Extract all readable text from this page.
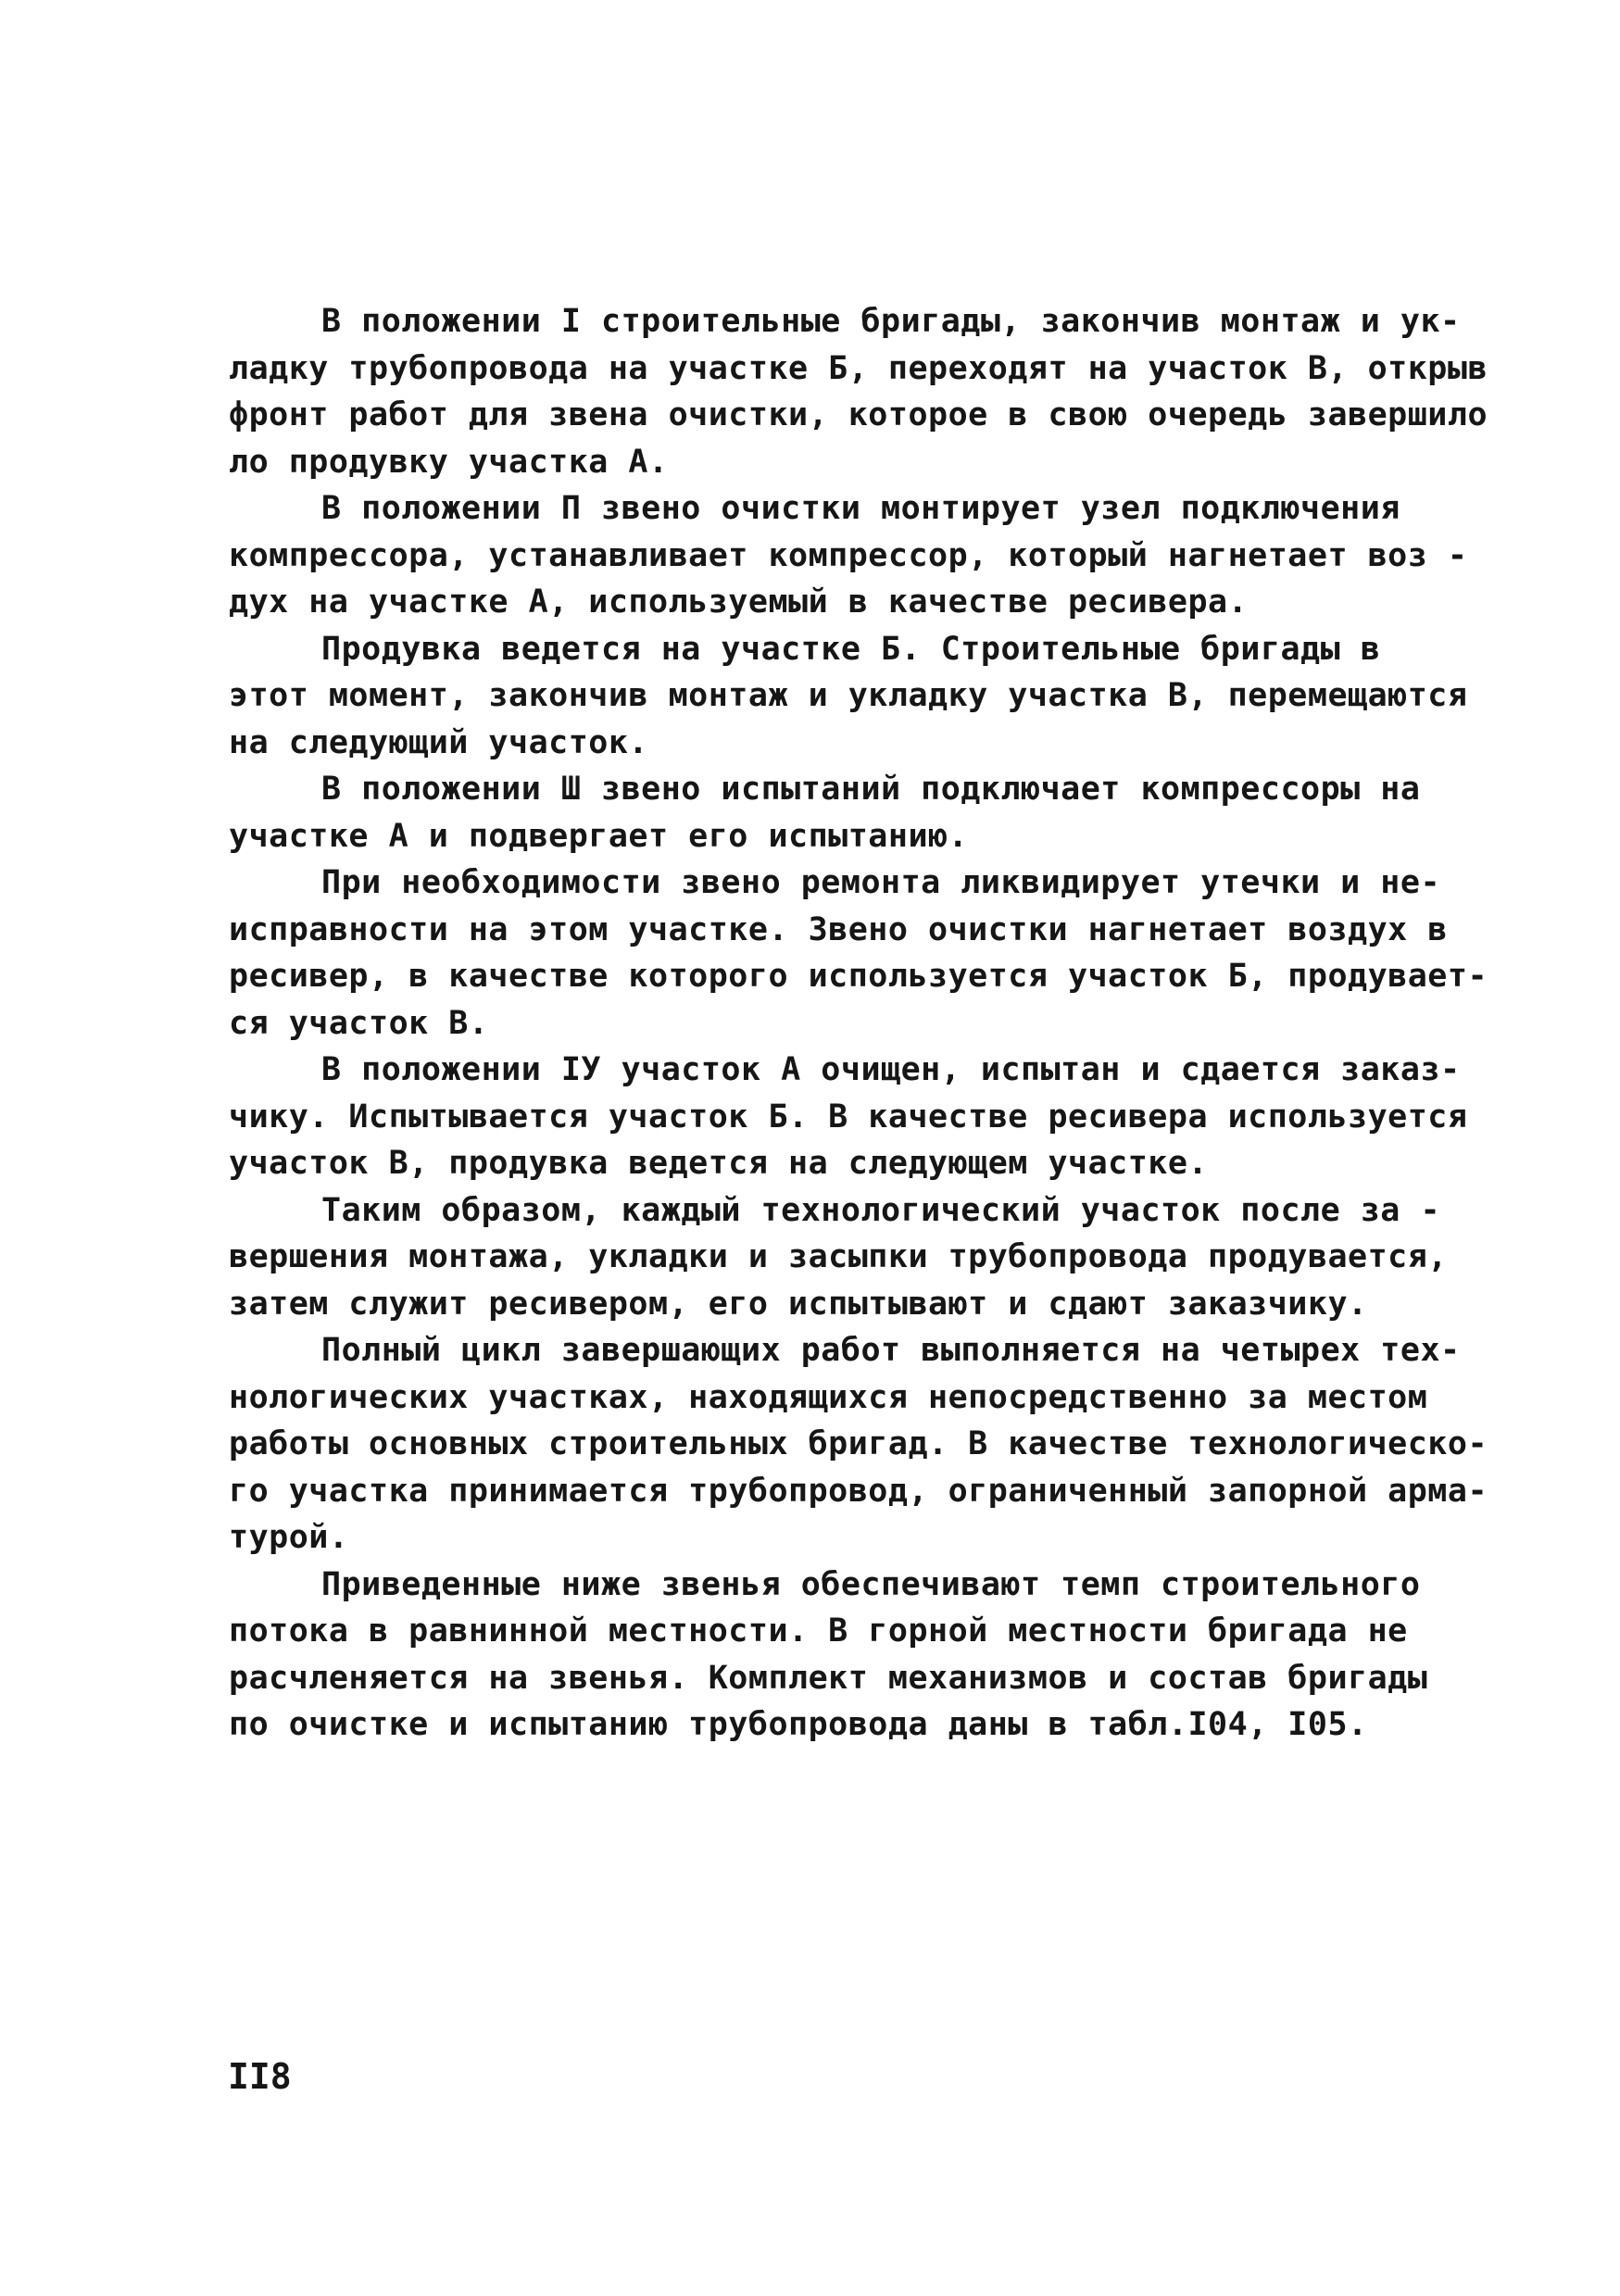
В положении I строительные бригады, закончив монтаж и ук-
ладку трубопровода на участке Б, переходят на участок В, открыв
фронт работ для звена очистки, которое в свою очередь завершило
ло продувку участка А.
В положении П звено очистки монтирует узел подключения
компрессора, устанавливает компрессор, который нагнетает воз -
дух на участке А, используемый в качестве ресивера.
Продувка ведется на участке Б. Строительные бригады в
этот момент, закончив монтаж и укладку участка В, перемещаются
на следующий участок.
В положении Ш звено испытаний подключает компрессоры на
участке А и подвергает его испытанию.
При необходимости звено ремонта ликвидирует утечки и не-
исправности на этом участке. Звено очистки нагнетает воздух в
ресивер, в качестве которого используется участок Б, продувает-
ся участок В.
В положении IУ участок А очищен, испытан и сдается заказ-
чику. Испытывается участок Б. В качестве ресивера используется
участок В, продувка ведется на следующем участке.
Таким образом, каждый технологический участок после за -
вершения монтажа, укладки и засыпки трубопровода продувается,
затем служит ресивером, его испытывают и сдают заказчику.
Полный цикл завершающих работ выполняется на четырех тех-
нологических участках, находящихся непосредственно за местом
работы основных строительных бригад. В качестве технологическо-
го участка принимается трубопровод, ограниченный запорной арма-
турой.
Приведенные ниже звенья обеспечивают темп строительного
потока в равнинной местности. В горной местности бригада не
расчленяется на звенья. Комплект механизмов и состав бригады
по очистке и испытанию трубопровода даны в табл.I04, I05.
II8
